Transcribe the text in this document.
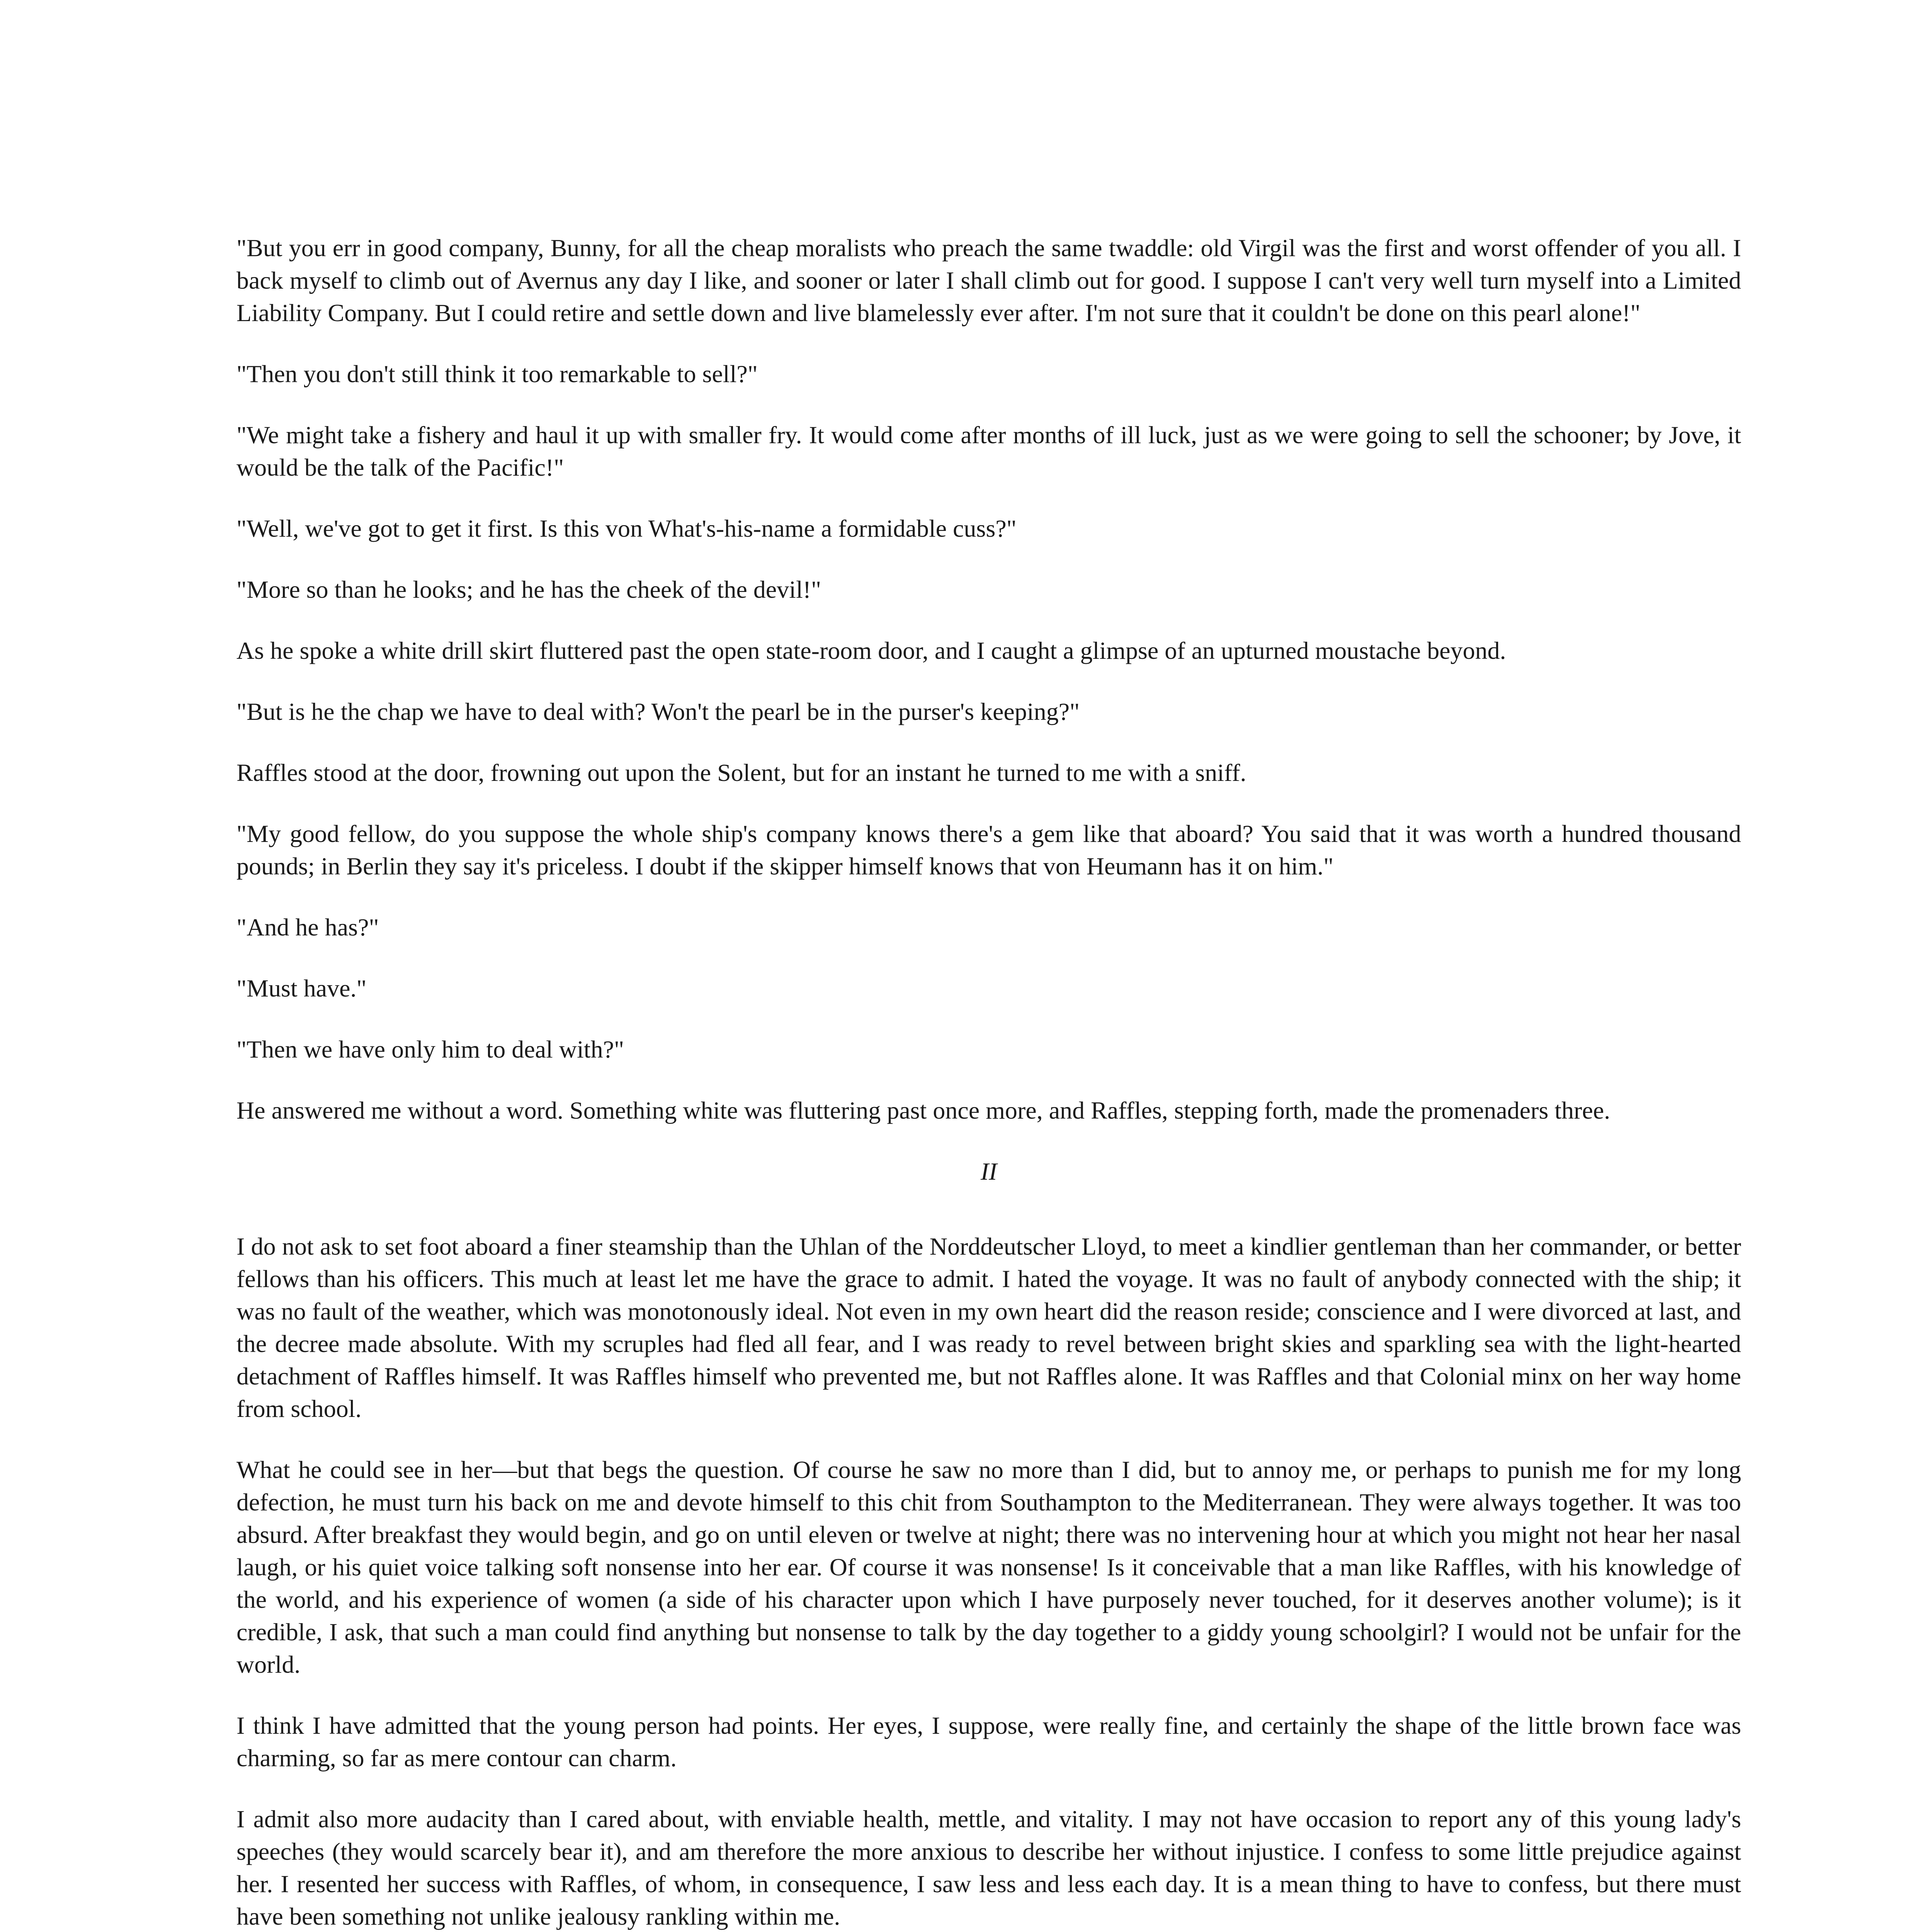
"But you err in good company, Bunny, for all the cheap moralists who preach the same twaddle: old Virgil was the first and worst offender of you all. I back myself to climb out of Avernus any day I like, and sooner or later I shall climb out for good. I suppose I can't very well turn myself into a Limited Liability Company. But I could retire and settle down and live blamelessly ever after. I'm not sure that it couldn't be done on this pearl alone!"

"Then you don't still think it too remarkable to sell?"

"We might take a fishery and haul it up with smaller fry. It would come after months of ill luck, just as we were going to sell the schooner; by Jove, it would be the talk of the Pacific!"

"Well, we've got to get it first. Is this von What's-his-name a formidable cuss?"

"More so than he looks; and he has the cheek of the devil!"

As he spoke a white drill skirt fluttered past the open state-room door, and I caught a glimpse of an upturned moustache beyond.

"But is he the chap we have to deal with? Won't the pearl be in the purser's keeping?"

Raffles stood at the door, frowning out upon the Solent, but for an instant he turned to me with a sniff.

"My good fellow, do you suppose the whole ship's company knows there's a gem like that aboard? You said that it was worth a hundred thousand pounds; in Berlin they say it's priceless. I doubt if the skipper himself knows that von Heumann has it on him."

"And he has?"

"Must have."

"Then we have only him to deal with?"

He answered me without a word. Something white was fluttering past once more, and Raffles, stepping forth, made the promenaders three.

II

I do not ask to set foot aboard a finer steamship than the Uhlan of the Norddeutscher Lloyd, to meet a kindlier gentleman than her commander, or better fellows than his officers. This much at least let me have the grace to admit. I hated the voyage. It was no fault of anybody connected with the ship; it was no fault of the weather, which was monotonously ideal. Not even in my own heart did the reason reside; conscience and I were divorced at last, and the decree made absolute. With my scruples had fled all fear, and I was ready to revel between bright skies and sparkling sea with the light-hearted detachment of Raffles himself. It was Raffles himself who prevented me, but not Raffles alone. It was Raffles and that Colonial minx on her way home from school.

What he could see in her—but that begs the question. Of course he saw no more than I did, but to annoy me, or perhaps to punish me for my long defection, he must turn his back on me and devote himself to this chit from Southampton to the Mediterranean. They were always together. It was too absurd. After breakfast they would begin, and go on until eleven or twelve at night; there was no intervening hour at which you might not hear her nasal laugh, or his quiet voice talking soft nonsense into her ear. Of course it was nonsense! Is it conceivable that a man like Raffles, with his knowledge of the world, and his experience of women (a side of his character upon which I have purposely never touched, for it deserves another volume); is it credible, I ask, that such a man could find anything but nonsense to talk by the day together to a giddy young schoolgirl? I would not be unfair for the world.

I think I have admitted that the young person had points. Her eyes, I suppose, were really fine, and certainly the shape of the little brown face was charming, so far as mere contour can charm.

I admit also more audacity than I cared about, with enviable health, mettle, and vitality. I may not have occasion to report any of this young lady's speeches (they would scarcely bear it), and am therefore the more anxious to describe her without injustice. I confess to some little prejudice against her. I resented her success with Raffles, of whom, in consequence, I saw less and less each day. It is a mean thing to have to confess, but there must have been something not unlike jealousy rankling within me.
